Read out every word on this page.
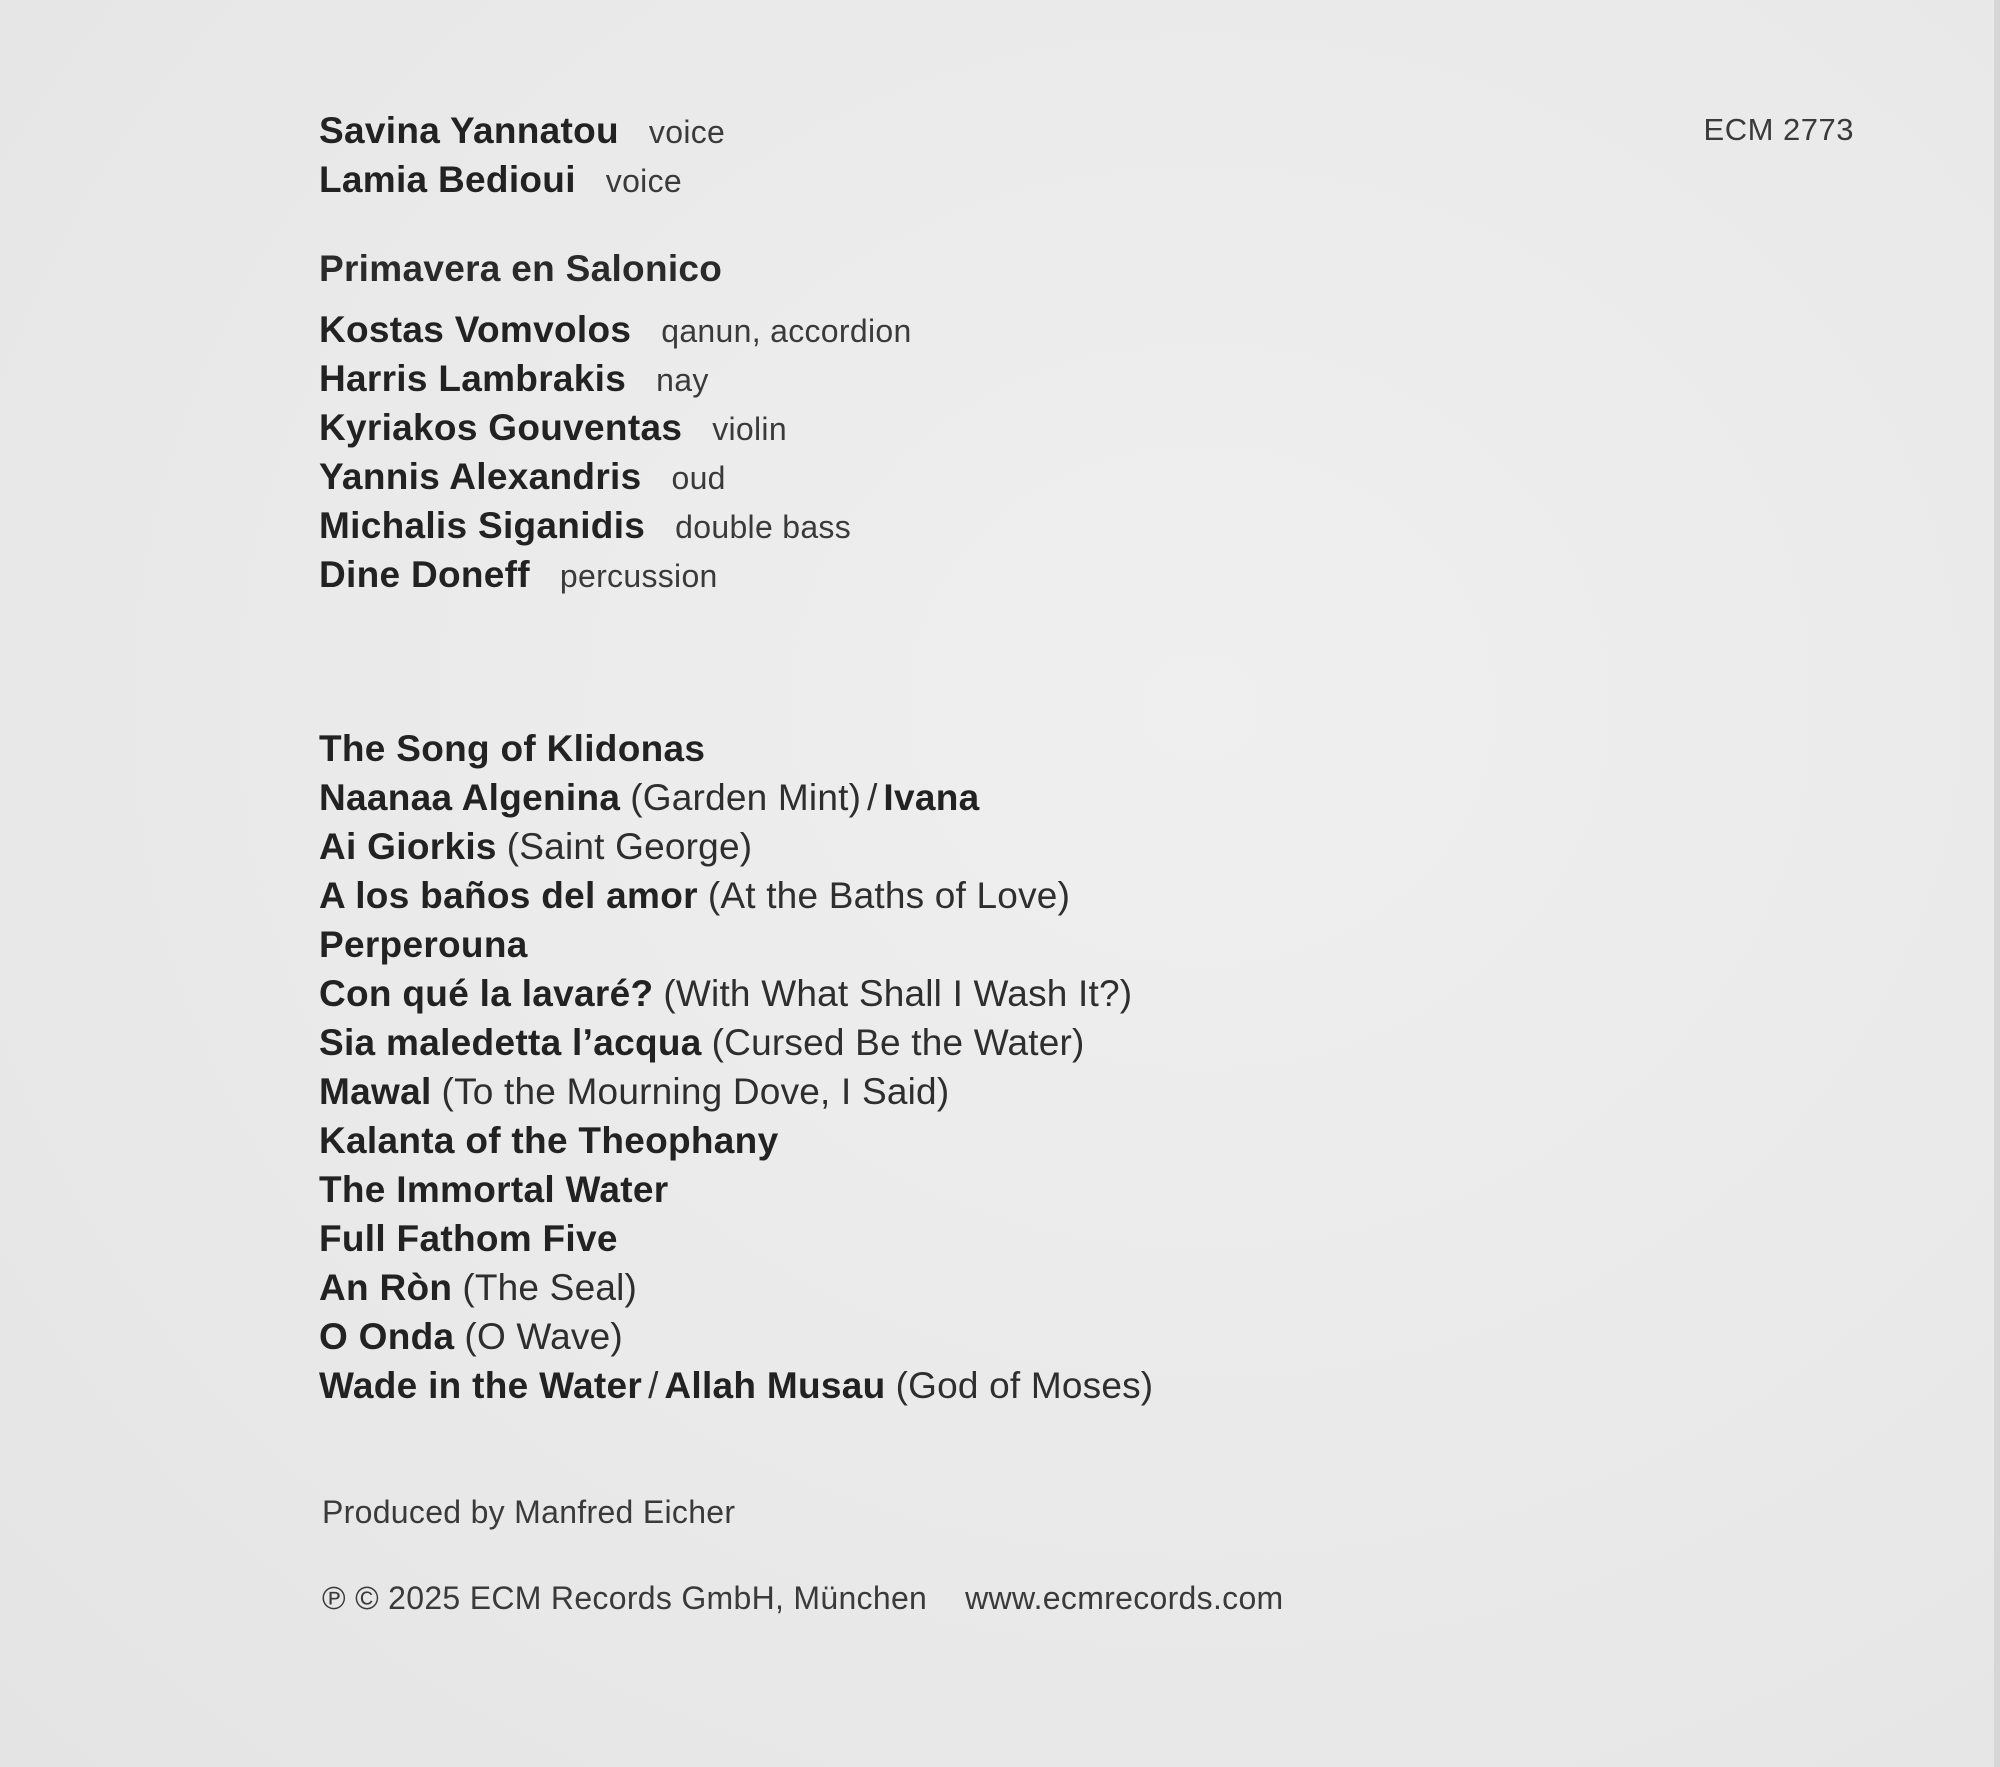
ECM 2773
Savina Yannatou voice
Lamia Bedioui voice
Primavera en Salonico
Kostas Vomvolos qanun, accordion
Harris Lambrakis nay
Kyriakos Gouventas violin
Yannis Alexandris oud
Michalis Siganidis double bass
Dine Doneff percussion
The Song of Klidonas
Naanaa Algenina (Garden Mint) / Ivana
Ai Giorkis (Saint George)
A los baños del amor (At the Baths of Love)
Perperouna
Con qué la lavaré? (With What Shall I Wash It?)
Sia maledetta l’acqua (Cursed Be the Water)
Mawal (To the Mourning Dove, I Said)
Kalanta of the Theophany
The Immortal Water
Full Fathom Five
An Ròn (The Seal)
O Onda (O Wave)
Wade in the Water / Allah Musau (God of Moses)
Produced by Manfred Eicher
℗ © 2025 ECM Records GmbH, München www.ecmrecords.com
